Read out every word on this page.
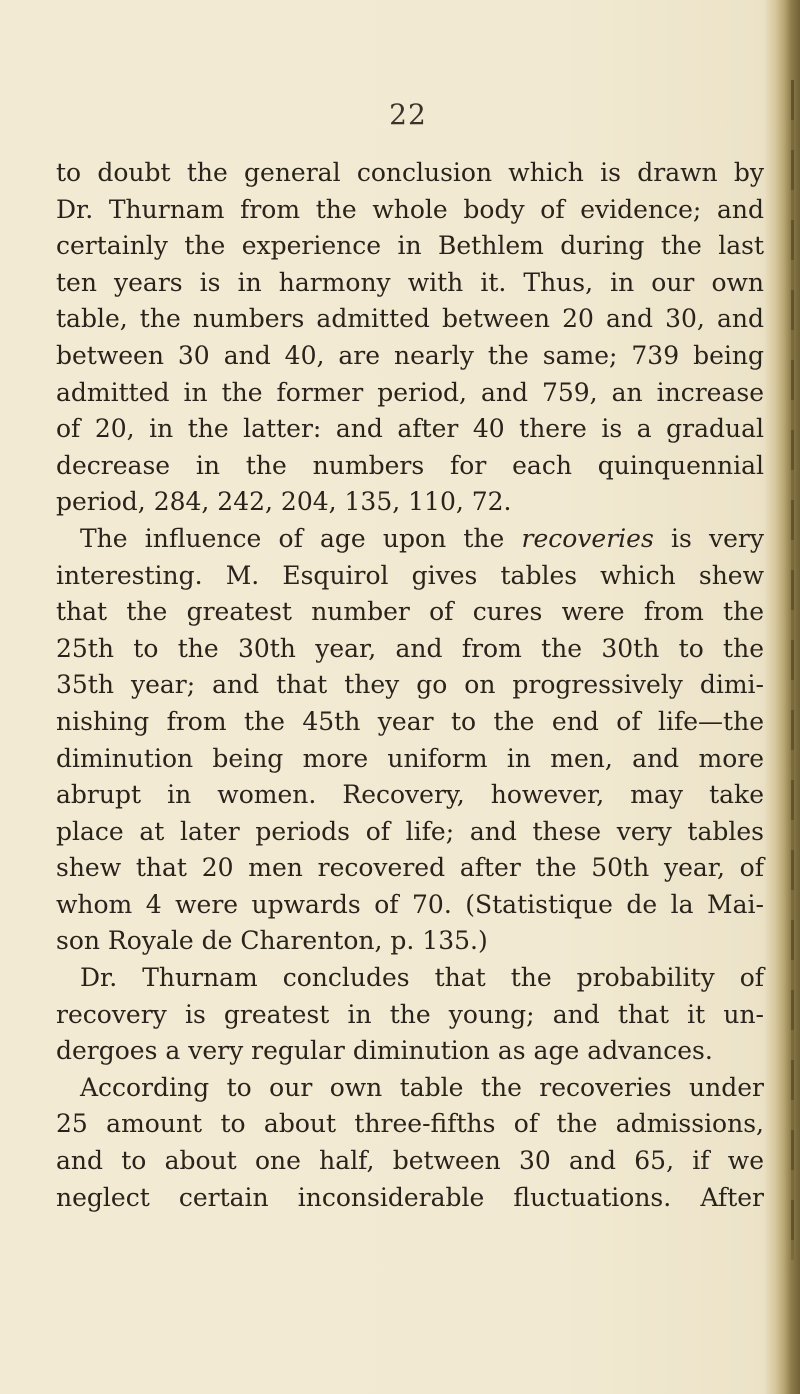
22
to doubt the general conclusion which is drawn by
Dr. Thurnam from the whole body of evidence; and
certainly the experience in Bethlem during the last
ten years is in harmony with it. Thus, in our own
table, the numbers admitted between 20 and 30, and
between 30 and 40, are nearly the same; 739 being
admitted in the former period, and 759, an increase
of 20, in the latter: and after 40 there is a gradual
decrease in the numbers for each quinquennial
period, 284, 242, 204, 135, 110, 72.
The influence of age upon the recoveries is very
interesting. M. Esquirol gives tables which shew
that the greatest number of cures were from the
25th to the 30th year, and from the 30th to the
35th year; and that they go on progressively dimi-
nishing from the 45th year to the end of life—the
diminution being more uniform in men, and more
abrupt in women. Recovery, however, may take
place at later periods of life; and these very tables
shew that 20 men recovered after the 50th year, of
whom 4 were upwards of 70. (Statistique de la Mai-
son Royale de Charenton, p. 135.)
Dr. Thurnam concludes that the probability of
recovery is greatest in the young; and that it un-
dergoes a very regular diminution as age advances.
According to our own table the recoveries under
25 amount to about three-fifths of the admissions,
and to about one half, between 30 and 65, if we
neglect certain inconsiderable fluctuations. After
